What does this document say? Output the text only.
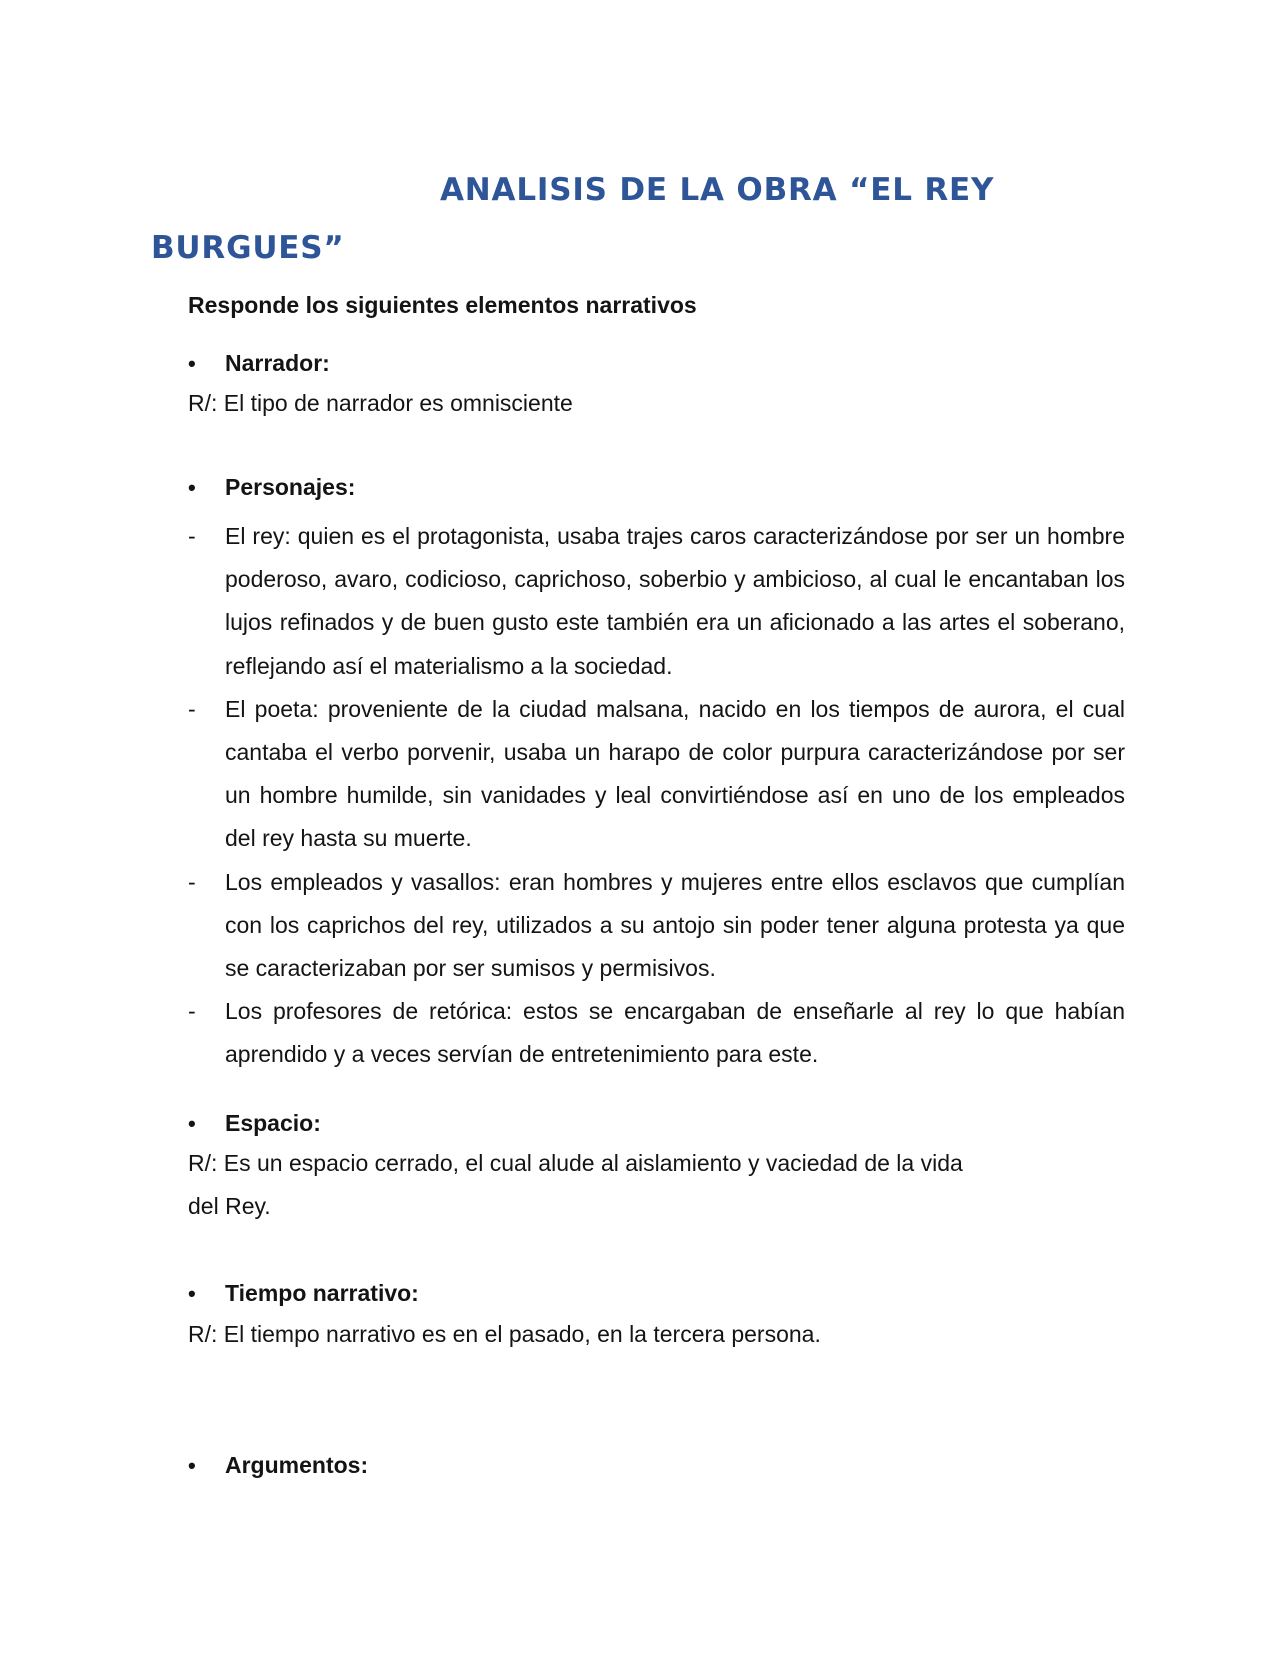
ANALISIS DE LA OBRA “EL REY
BURGUES”
Responde los siguientes elementos narrativos
• Narrador:
R/: El tipo de narrador es omnisciente
• Personajes:
- El rey: quien es el protagonista, usaba trajes caros caracterizándose por ser un hombre poderoso, avaro, codicioso, caprichoso, soberbio y ambicioso, al cual le encantaban los lujos refinados y de buen gusto este también era un aficionado a las artes el soberano, reflejando así el materialismo a la sociedad.
- El poeta: proveniente de la ciudad malsana, nacido en los tiempos de aurora, el cual cantaba el verbo porvenir, usaba un harapo de color purpura caracterizándose por ser un hombre humilde, sin vanidades y leal convirtiéndose así en uno de los empleados del rey hasta su muerte.
- Los empleados y vasallos: eran hombres y mujeres entre ellos esclavos que cumplían con los caprichos del rey, utilizados a su antojo sin poder tener alguna protesta ya que se caracterizaban por ser sumisos y permisivos.
- Los profesores de retórica: estos se encargaban de enseñarle al rey lo que habían aprendido y a veces servían de entretenimiento para este.
• Espacio:
R/: Es un espacio cerrado, el cual alude al aislamiento y vaciedad de la vida
del Rey.
• Tiempo narrativo:
R/: El tiempo narrativo es en el pasado, en la tercera persona.
• Argumentos:
